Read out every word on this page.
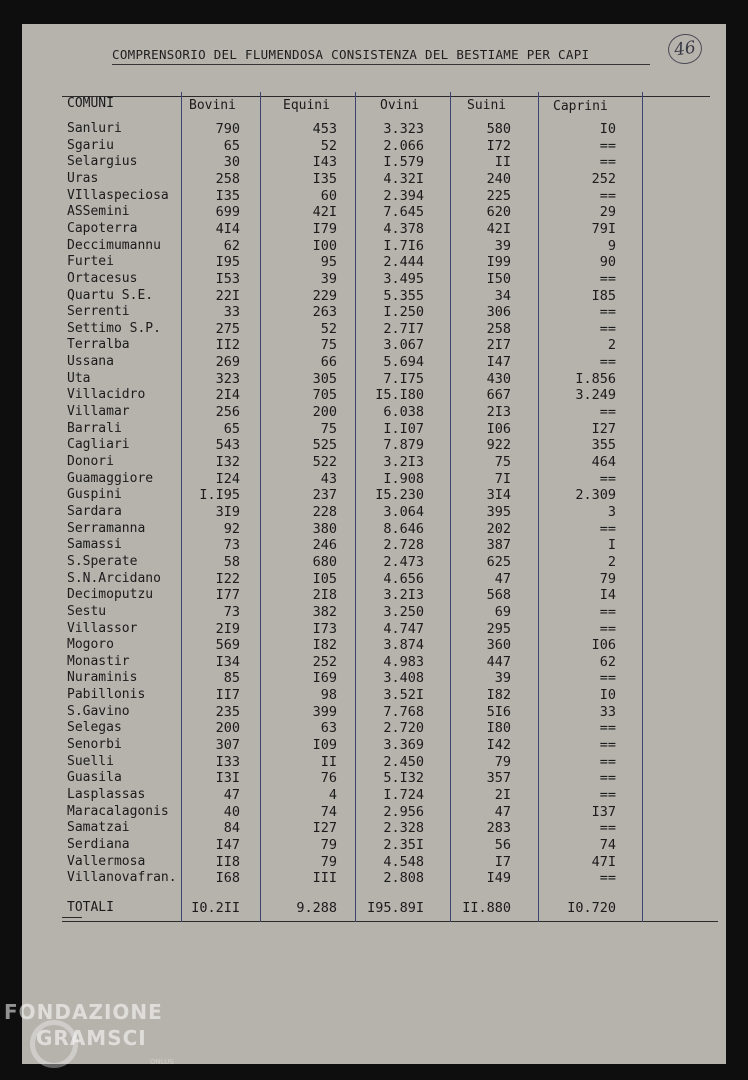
46
COMPRENSORIO DEL FLUMENDOSA CONSISTENZA DEL BESTIAME PER CAPI
COMUNI	Bovini	Equini	Ovini	Suini	Caprini
Sanluri	790	453	3.323	580	I0
Sgariu	65	52	2.066	I72	==
Selargius	30	I43	I.579	II	==
Uras	258	I35	4.32I	240	252
VIllaspeciosa	I35	60	2.394	225	==
ASSemini	699	42I	7.645	620	29
Capoterra	4I4	I79	4.378	42I	79I
Deccimumannu	62	I00	I.7I6	39	9
Furtei	I95	95	2.444	I99	90
Ortacesus	I53	39	3.495	I50	==
Quartu S.E.	22I	229	5.355	34	I85
Serrenti	33	263	I.250	306	==
Settimo S.P.	275	52	2.7I7	258	==
Terralba	II2	75	3.067	2I7	2
Ussana	269	66	5.694	I47	==
Uta	323	305	7.I75	430	I.856
Villacidro	2I4	705	I5.I80	667	3.249
Villamar	256	200	6.038	2I3	==
Barrali	65	75	I.I07	I06	I27
Cagliari	543	525	7.879	922	355
Donori	I32	522	3.2I3	75	464
Guamaggiore	I24	43	I.908	7I	==
Guspini	I.I95	237	I5.230	3I4	2.309
Sardara	3I9	228	3.064	395	3
Serramanna	92	380	8.646	202	==
Samassi	73	246	2.728	387	I
S.Sperate	58	680	2.473	625	2
S.N.Arcidano	I22	I05	4.656	47	79
Decimoputzu	I77	2I8	3.2I3	568	I4
Sestu	73	382	3.250	69	==
Villassor	2I9	I73	4.747	295	==
Mogoro	569	I82	3.874	360	I06
Monastir	I34	252	4.983	447	62
Nuraminis	85	I69	3.408	39	==
Pabillonis	II7	98	3.52I	I82	I0
S.Gavino	235	399	7.768	5I6	33
Selegas	200	63	2.720	I80	==
Senorbi	307	I09	3.369	I42	==
Suelli	I33	II	2.450	79	==
Guasila	I3I	76	5.I32	357	==
Lasplassas	47	4	I.724	2I	==
Maracalagonis	40	74	2.956	47	I37
Samatzai	84	I27	2.328	283	==
Serdiana	I47	79	2.35I	56	74
Vallermosa	II8	79	4.548	I7	47I
Villanovafran.	I68	III	2.808	I49	==
TOTALI	I0.2II	9.288	I95.89I	II.880	I0.720
FONDAZIONE
GRAMSCI
ONLUS
